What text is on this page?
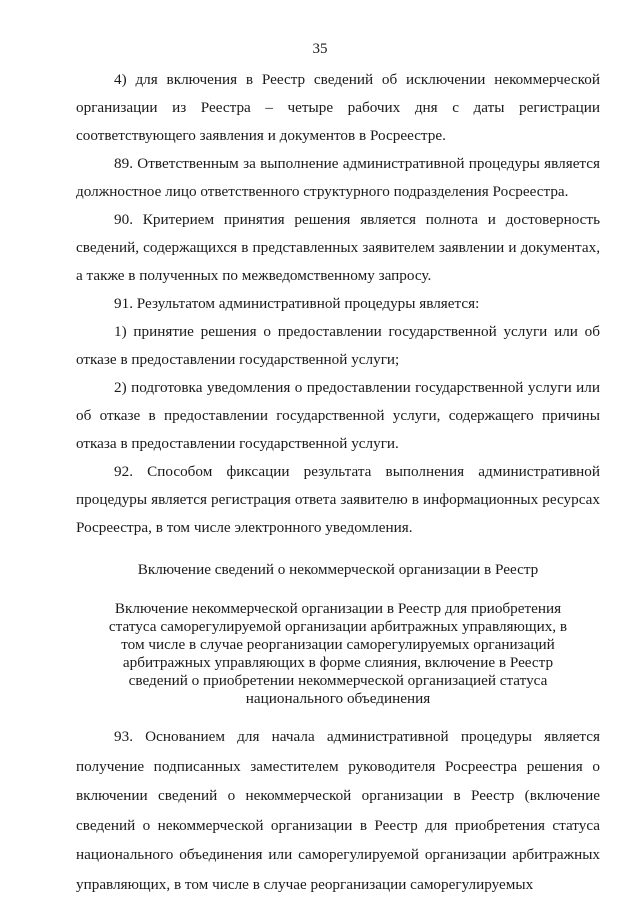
35

4) для включения в Реестр сведений об исключении некоммерческой организации из Реестра – четыре рабочих дня с даты регистрации соответствующего заявления и документов в Росреестре.

89. Ответственным за выполнение административной процедуры является должностное лицо ответственного структурного подразделения Росреестра.

90. Критерием принятия решения является полнота и достоверность сведений, содержащихся в представленных заявителем заявлении и документах, а также в полученных по межведомственному запросу.

91. Результатом административной процедуры является:

1) принятие решения о предоставлении государственной услуги или об отказе в предоставлении государственной услуги;

2) подготовка уведомления о предоставлении государственной услуги или об отказе в предоставлении государственной услуги, содержащего причины отказа в предоставлении государственной услуги.

92. Способом фиксации результата выполнения административной процедуры является регистрация ответа заявителю в информационных ресурсах Росреестра, в том числе электронного уведомления.

Включение сведений о некоммерческой организации в Реестр
Включение некоммерческой организации в Реестр для приобретения статуса саморегулируемой организации арбитражных управляющих, в том числе в случае реорганизации саморегулируемых организаций арбитражных управляющих в форме слияния, включение в Реестр сведений о приобретении некоммерческой организацией статуса национального объединения

93. Основанием для начала административной процедуры является получение подписанных заместителем руководителя Росреестра решения о включении сведений о некоммерческой организации в Реестр (включение сведений о некоммерческой организации в Реестр для приобретения статуса национального объединения или саморегулируемой организации арбитражных управляющих, в том числе в случае реорганизации саморегулируемых
